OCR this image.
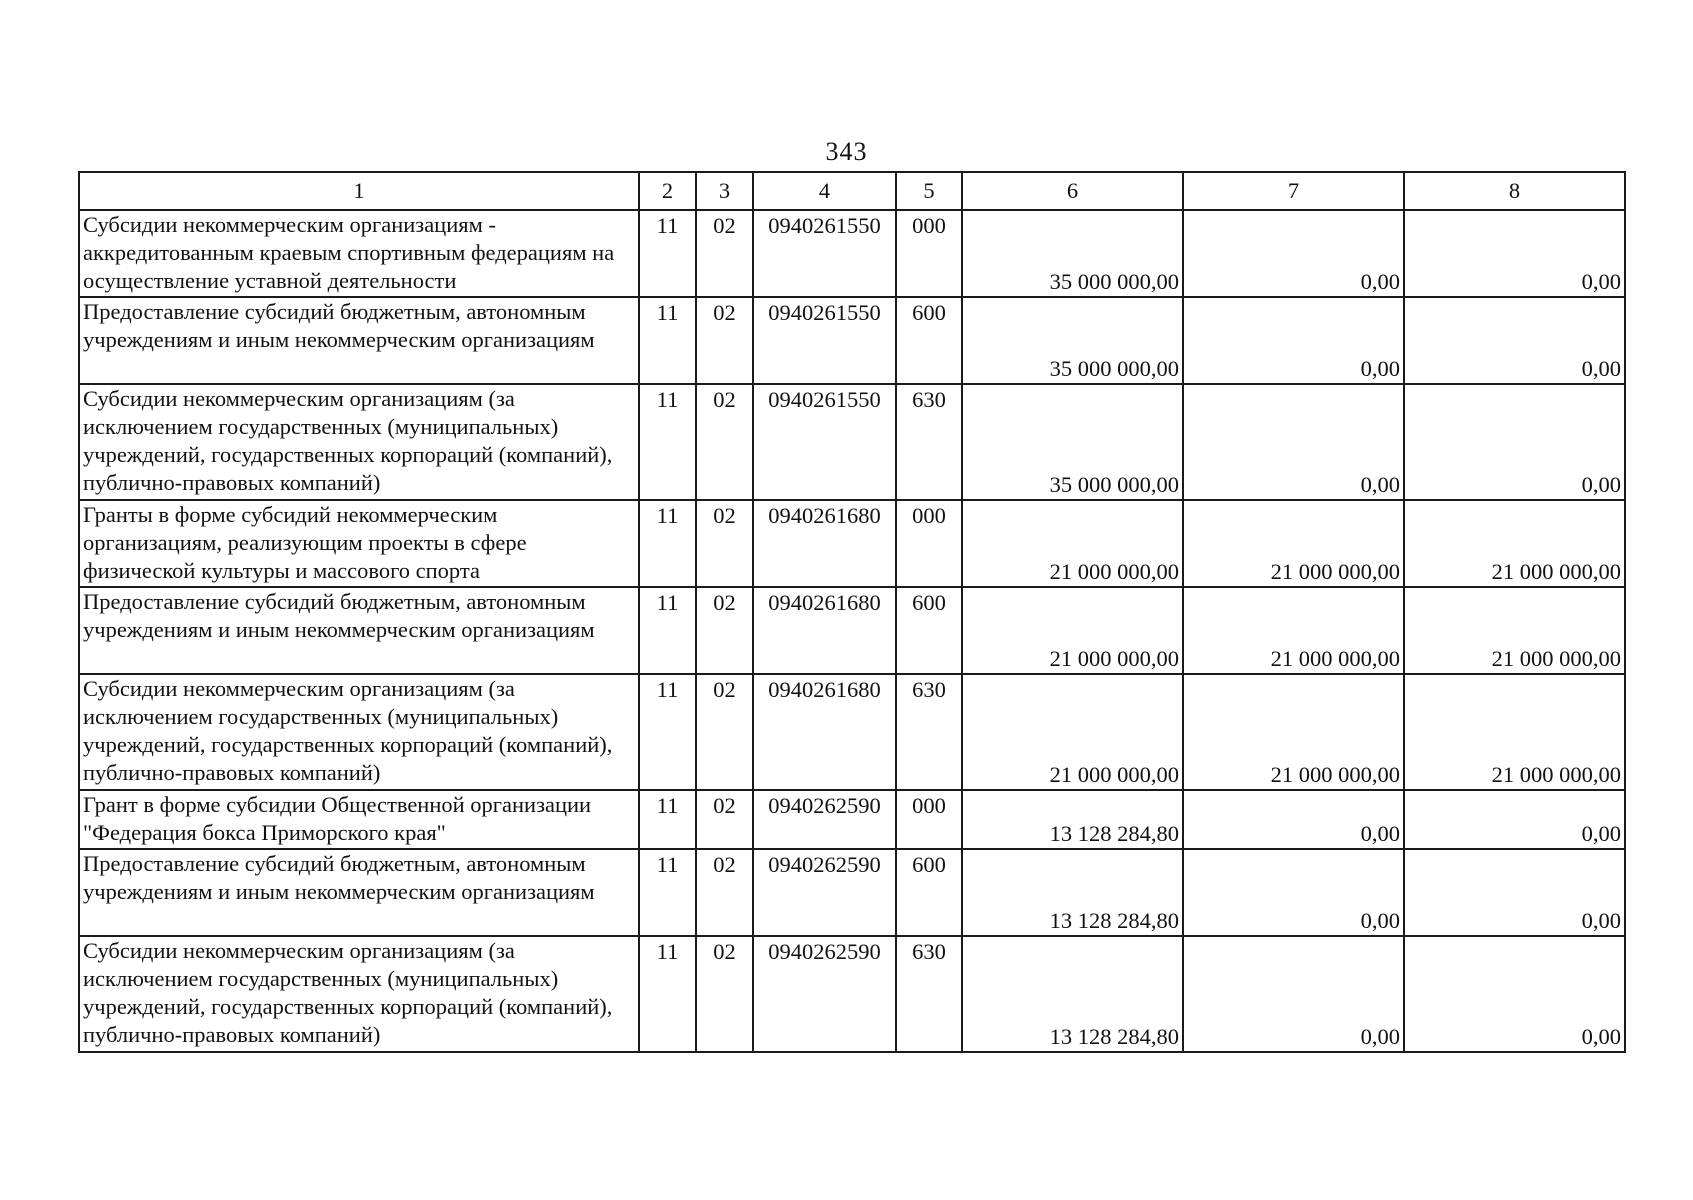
343
1	2	3	4	5	6	7	8
Субсидии некоммерческим организациям - аккредитованным краевым спортивным федерациям на осуществление уставной деятельности	11	02	0940261550	000	35 000 000,00	0,00	0,00
Предоставление субсидий бюджетным, автономным учреждениям и иным некоммерческим организациям	11	02	0940261550	600	35 000 000,00	0,00	0,00
Субсидии некоммерческим организациям (за исключением государственных (муниципальных) учреждений, государственных корпораций (компаний), публично-правовых компаний)	11	02	0940261550	630	35 000 000,00	0,00	0,00
Гранты в форме субсидий некоммерческим организациям, реализующим проекты в сфере физической культуры и массового спорта	11	02	0940261680	000	21 000 000,00	21 000 000,00	21 000 000,00
Предоставление субсидий бюджетным, автономным учреждениям и иным некоммерческим организациям	11	02	0940261680	600	21 000 000,00	21 000 000,00	21 000 000,00
Субсидии некоммерческим организациям (за исключением государственных (муниципальных) учреждений, государственных корпораций (компаний), публично-правовых компаний)	11	02	0940261680	630	21 000 000,00	21 000 000,00	21 000 000,00
Грант в форме субсидии Общественной организации "Федерация бокса Приморского края"	11	02	0940262590	000	13 128 284,80	0,00	0,00
Предоставление субсидий бюджетным, автономным учреждениям и иным некоммерческим организациям	11	02	0940262590	600	13 128 284,80	0,00	0,00
Субсидии некоммерческим организациям (за исключением государственных (муниципальных) учреждений, государственных корпораций (компаний), публично-правовых компаний)	11	02	0940262590	630	13 128 284,80	0,00	0,00
